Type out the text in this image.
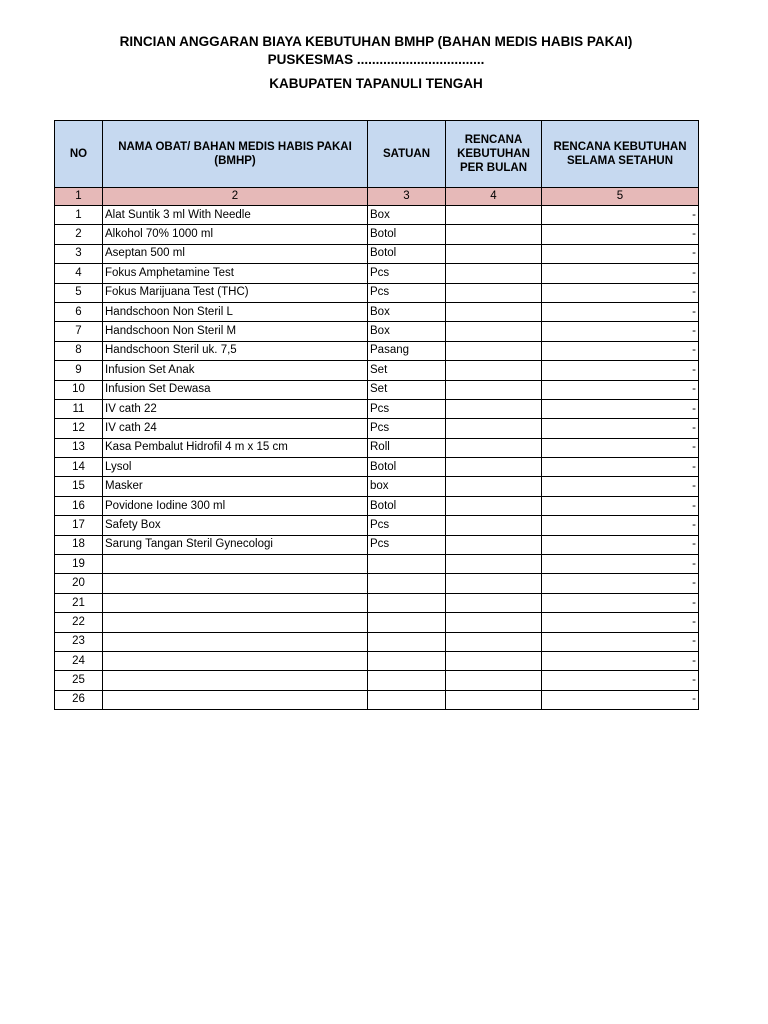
RINCIAN ANGGARAN BIAYA KEBUTUHAN BMHP (BAHAN MEDIS HABIS PAKAI)
PUSKESMAS ..................................
KABUPATEN TAPANULI TENGAH
NO	NAMA OBAT/ BAHAN MEDIS HABIS PAKAI (BMHP)	SATUAN	RENCANA KEBUTUHAN PER BULAN	RENCANA KEBUTUHAN SELAMA SETAHUN
1	2	3	4	5
1	Alat Suntik 3 ml With Needle	Box		-
2	Alkohol 70% 1000 ml	Botol		-
3	Aseptan 500 ml	Botol		-
4	Fokus Amphetamine Test	Pcs		-
5	Fokus Marijuana Test (THC)	Pcs		-
6	Handschoon Non Steril L	Box		-
7	Handschoon Non Steril M	Box		-
8	Handschoon Steril uk. 7,5	Pasang		-
9	Infusion Set Anak	Set		-
10	Infusion Set Dewasa	Set		-
11	IV cath 22	Pcs		-
12	IV cath 24	Pcs		-
13	Kasa Pembalut Hidrofil 4 m x 15 cm	Roll		-
14	Lysol	Botol		-
15	Masker	box		-
16	Povidone Iodine 300 ml	Botol		-
17	Safety Box	Pcs		-
18	Sarung Tangan Steril Gynecologi	Pcs		-
19				-
20				-
21				-
22				-
23				-
24				-
25				-
26				-
